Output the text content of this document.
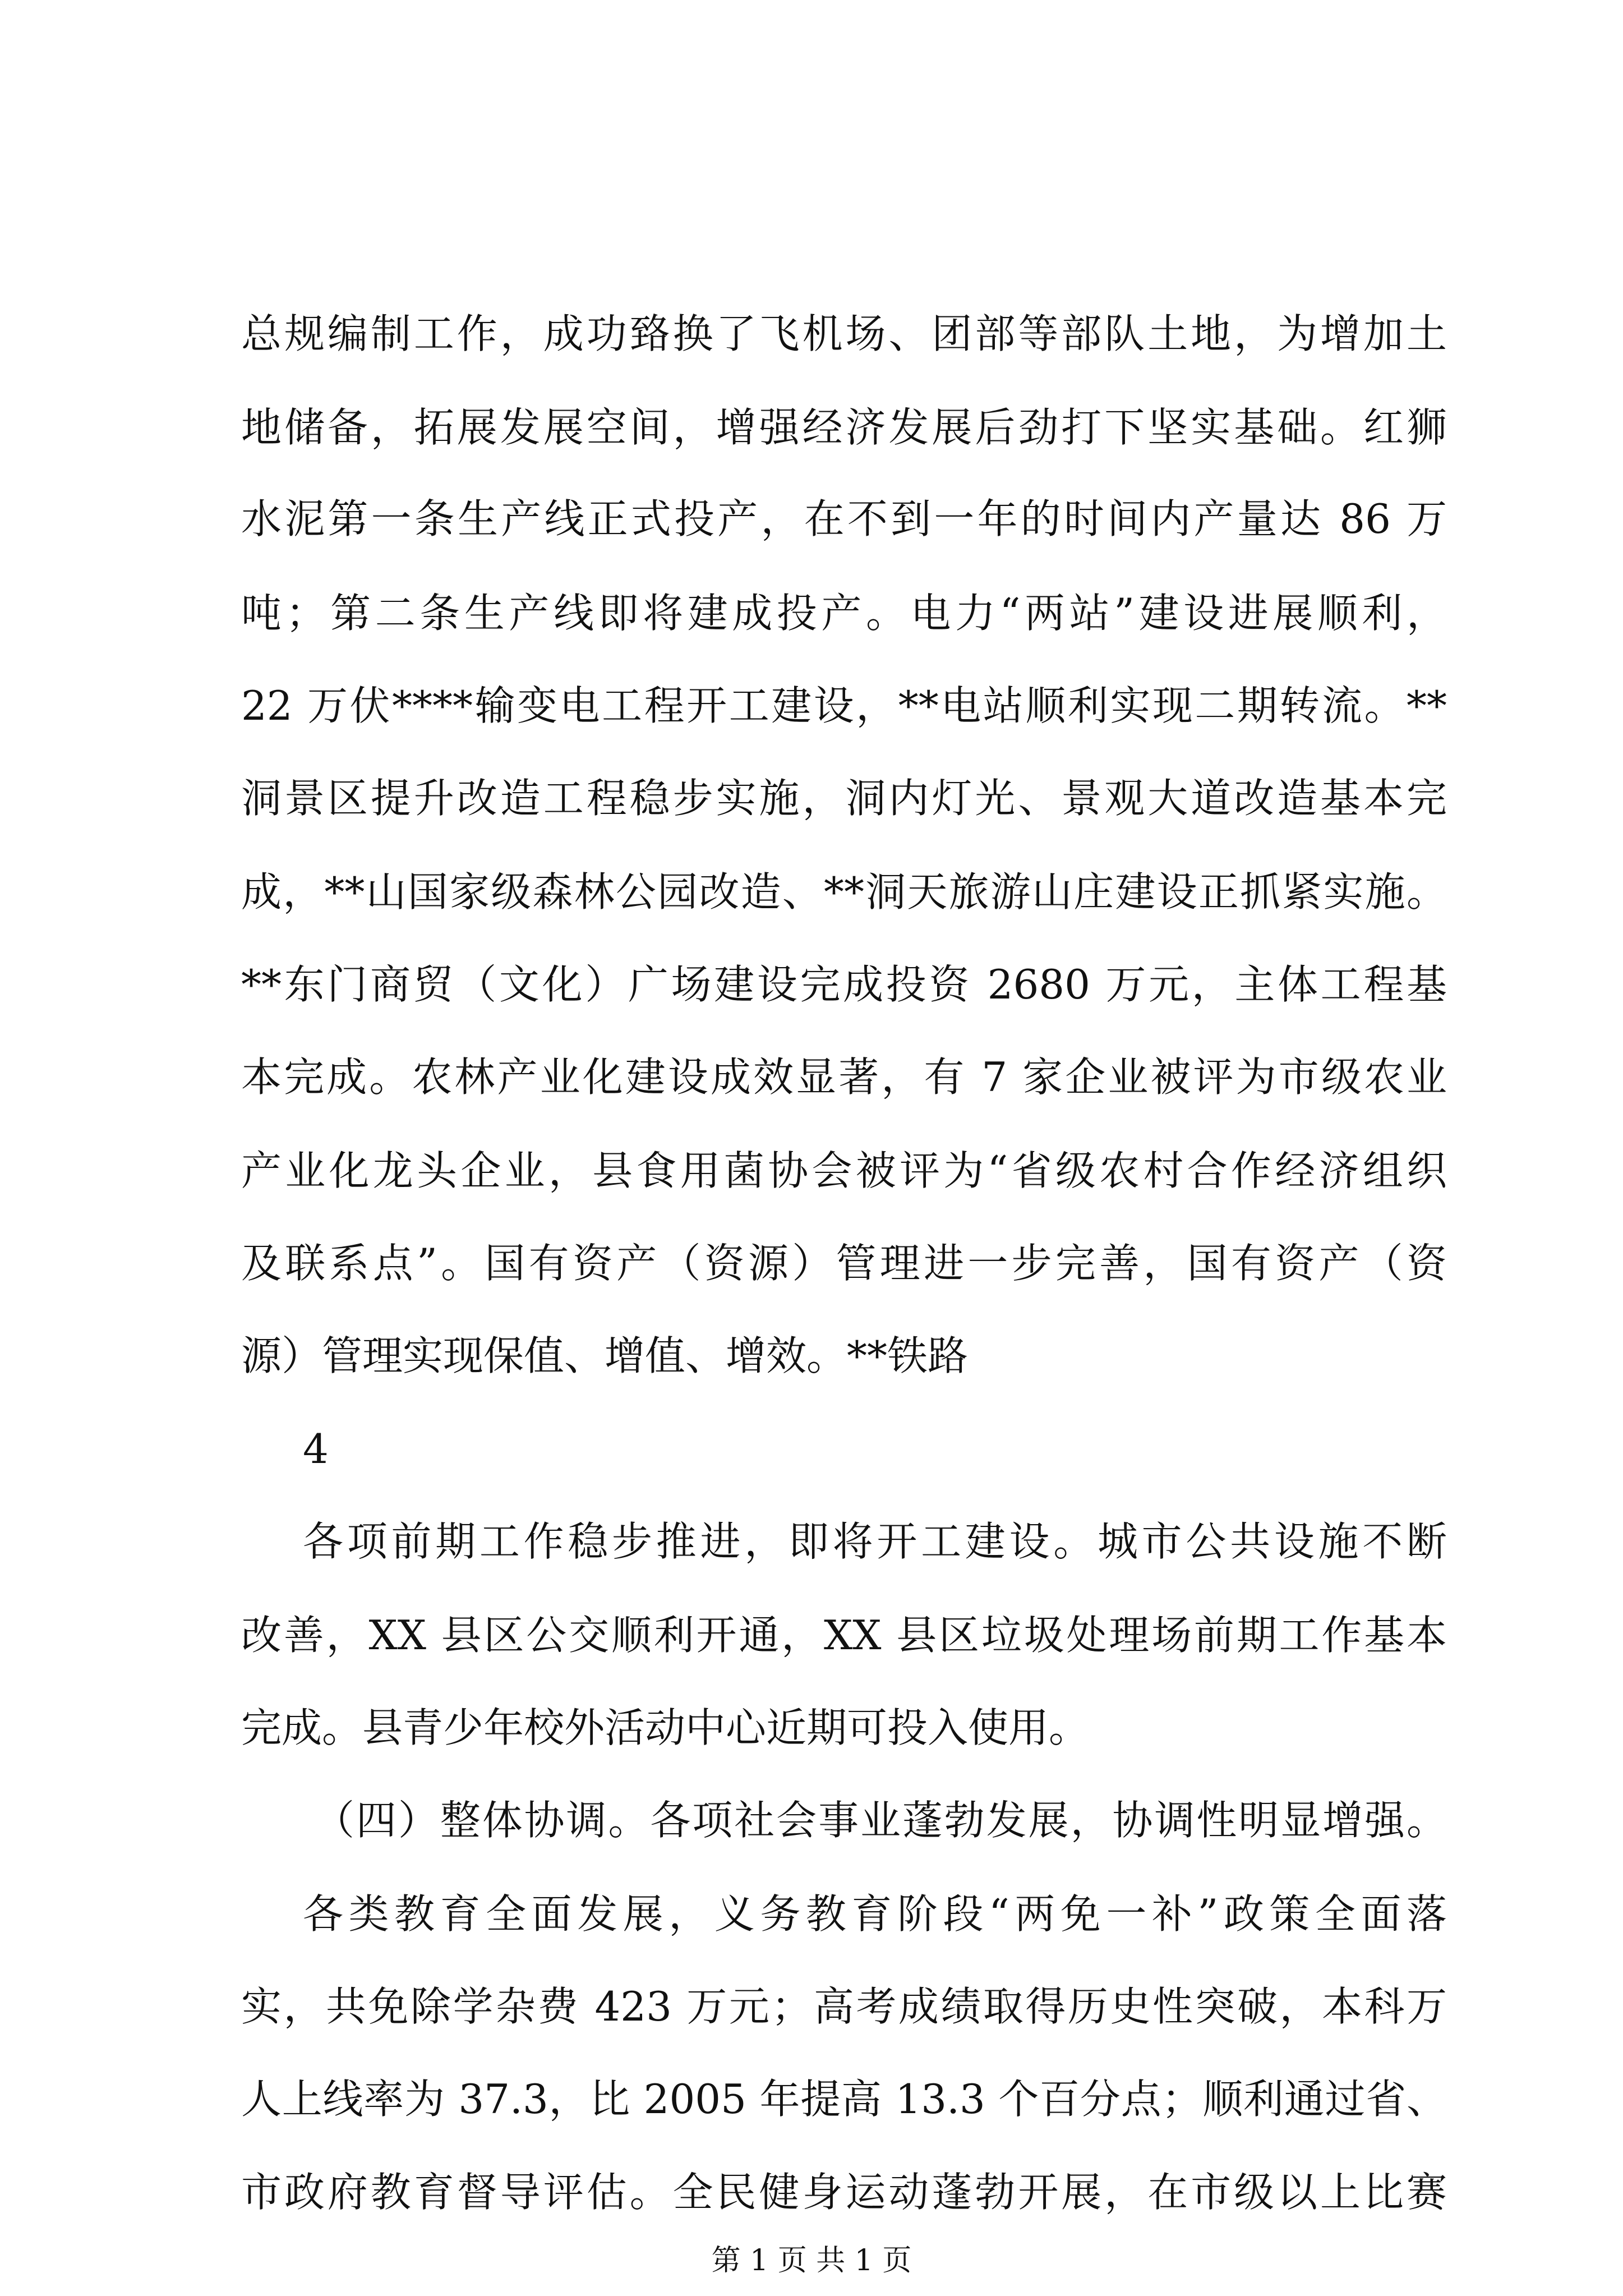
总规编制工作，成功臵换了飞机场、团部等部队土地，为增加土
地储备，拓展发展空间，增强经济发展后劲打下坚实基础。红狮
水泥第一条生产线正式投产，在不到一年的时间内产量达 86 万
吨；第二条生产线即将建成投产。电力“两站”建设进展顺利，
22 万伏****输变电工程开工建设，**电站顺利实现二期转流。**
洞景区提升改造工程稳步实施，洞内灯光、景观大道改造基本完
成，**山国家级森林公园改造、**洞天旅游山庄建设正抓紧实施。
**东门商贸（文化）广场建设完成投资 2680 万元，主体工程基
本完成。农林产业化建设成效显著，有 7 家企业被评为市级农业
产业化龙头企业，县食用菌协会被评为“省级农村合作经济组织
及联系点”。国有资产（资源）管理进一步完善，国有资产（资
源）管理实现保值、增值、增效。**铁路
4
各项前期工作稳步推进，即将开工建设。城市公共设施不断
改善，XX 县区公交顺利开通，XX 县区垃圾处理场前期工作基本
完成。县青少年校外活动中心近期可投入使用。
（四）整体协调。各项社会事业蓬勃发展，协调性明显增强。
各类教育全面发展，义务教育阶段“两免一补”政策全面落
实，共免除学杂费 423 万元；高考成绩取得历史性突破，本科万
人上线率为 37.3，比 2005 年提高 13.3 个百分点；顺利通过省、
市政府教育督导评估。全民健身运动蓬勃开展，在市级以上比赛
第 1 页 共 1 页
